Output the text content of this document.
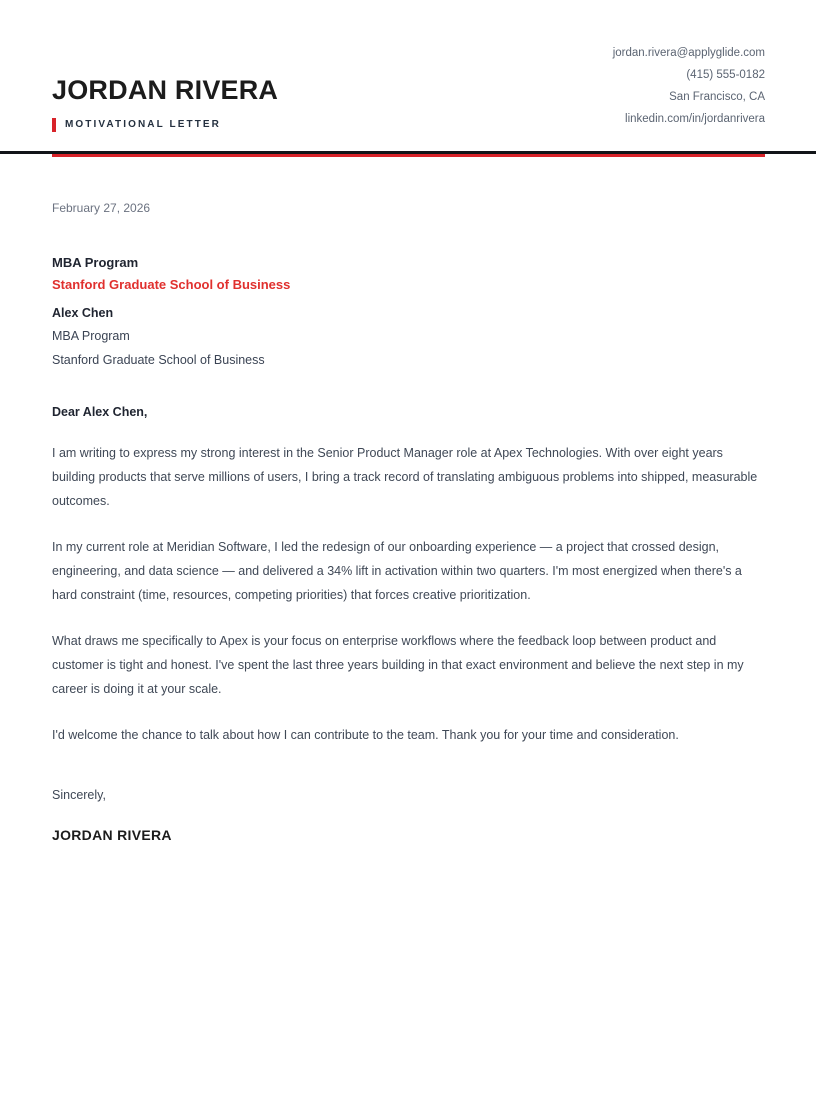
JORDAN RIVERA
MOTIVATIONAL LETTER
jordan.rivera@applyglide.com
(415) 555-0182
San Francisco, CA
linkedin.com/in/jordanrivera
February 27, 2026
MBA Program
Stanford Graduate School of Business
Alex Chen
MBA Program
Stanford Graduate School of Business
Dear Alex Chen,

I am writing to express my strong interest in the Senior Product Manager role at Apex Technologies. With over eight years building products that serve millions of users, I bring a track record of translating ambiguous problems into shipped, measurable outcomes.

In my current role at Meridian Software, I led the redesign of our onboarding experience — a project that crossed design, engineering, and data science — and delivered a 34% lift in activation within two quarters. I'm most energized when there's a hard constraint (time, resources, competing priorities) that forces creative prioritization.

What draws me specifically to Apex is your focus on enterprise workflows where the feedback loop between product and customer is tight and honest. I've spent the last three years building in that exact environment and believe the next step in my career is doing it at your scale.

I'd welcome the chance to talk about how I can contribute to the team. Thank you for your time and consideration.

Sincerely,
JORDAN RIVERA
